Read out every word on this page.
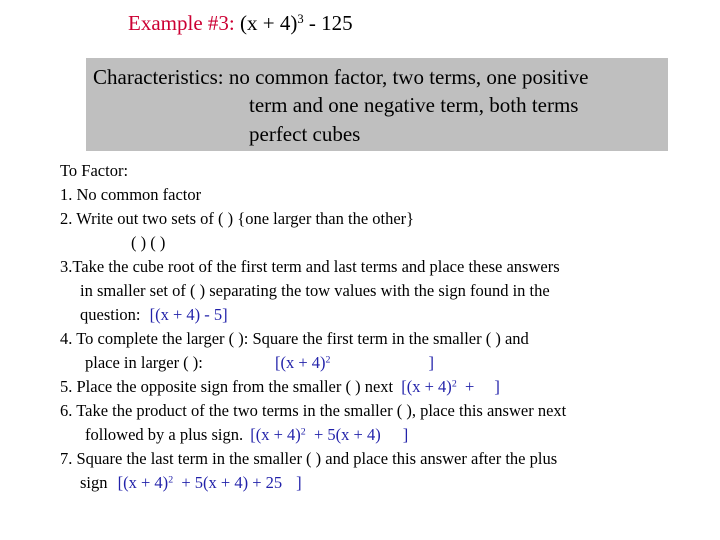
Example #3: $(x + 4)^3 - 125$
Characteristics: no common factor, two terms, one positive
term and one negative term, both terms
perfect cubes
To Factor:
1. No common factor
2. Write out two sets of ( ) {one larger than the other}
( ) ( )
3.Take the cube root of the first term and last terms and place these answers
in smaller set of ( ) separating the tow values with the sign found in the
question: [(x + 4) - 5]
4. To complete the larger ( ): Square the first term in the smaller ( ) and
place in larger ( ):	[$(x + 4)^2$	]
5. Place the opposite sign from the smaller ( ) next [$(x + 4)^2$  + ]
6. Take the product of the two terms in the smaller ( ), place this answer next
followed by a plus sign. [$(x + 4)^2 + 5(x + 4)$ ]
7. Square the last term in the smaller ( ) and place this answer after the plus
sign [$(x + 4)^2 + 5(x + 4) + 25$ ]
